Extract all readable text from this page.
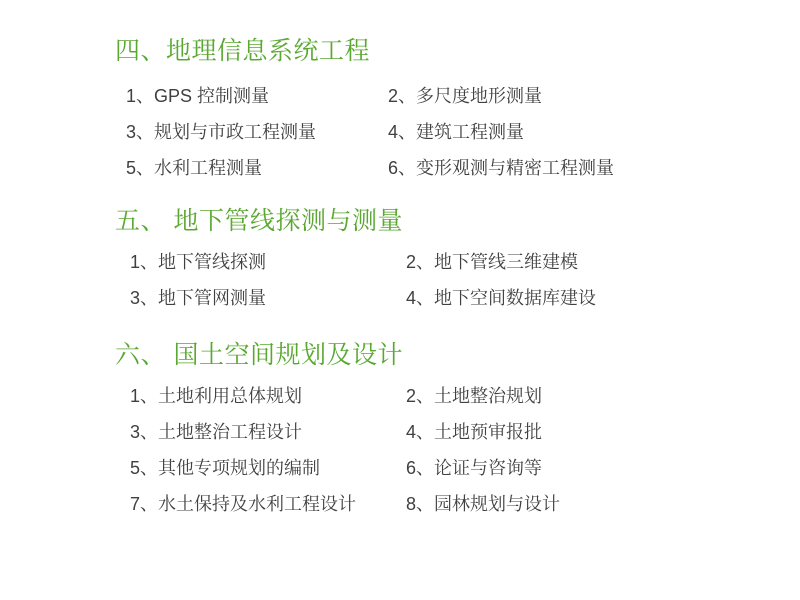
四、地理信息系统工程
1、GPS 控制测量	2、多尺度地形测量
3、规划与市政工程测量	4、建筑工程测量
5、水利工程测量	6、变形观测与精密工程测量
五、 地下管线探测与测量
1、地下管线探测	2、地下管线三维建模
3、地下管网测量	4、地下空间数据库建设
六、 国土空间规划及设计
1、土地利用总体规划	2、土地整治规划
3、土地整治工程设计	4、土地预审报批
5、其他专项规划的编制	6、论证与咨询等
7、水土保持及水利工程设计	8、园林规划与设计
